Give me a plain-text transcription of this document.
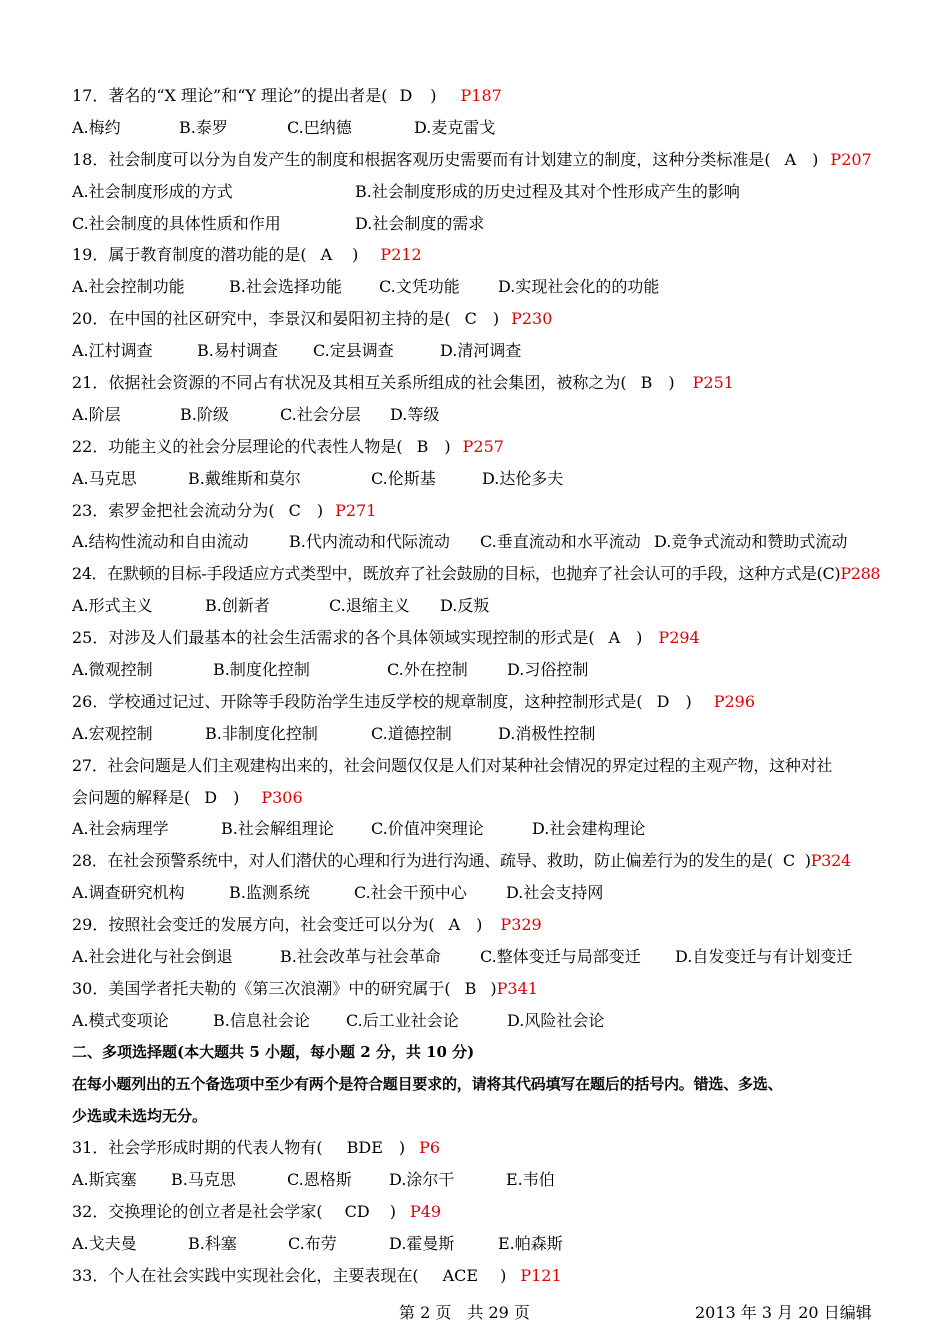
17．著名的“X 理论”和“Y 理论”的提出者是( D ) P187
A.梅约	B.泰罗	C.巴纳德	D.麦克雷戈
18．社会制度可以分为自发产生的制度和根据客观历史需要而有计划建立的制度，这种分类标准是( A ) P207
A.社会制度形成的方式	B.社会制度形成的历史过程及其对个性形成产生的影响
C.社会制度的具体性质和作用	D.社会制度的需求
19．属于教育制度的潜功能的是( A ) P212
A.社会控制功能	B.社会选择功能	C.文凭功能	D.实现社会化的的功能
20．在中国的社区研究中，李景汉和晏阳初主持的是( C ) P230
A.江村调查	B.易村调查	C.定县调查	D.清河调查
21．依据社会资源的不同占有状况及其相互关系所组成的社会集团，被称之为( B ) P251
A.阶层	B.阶级	C.社会分层	D.等级
22．功能主义的社会分层理论的代表性人物是( B ) P257
A.马克思	B.戴维斯和莫尔	C.伦斯基	D.达伦多夫
23．索罗金把社会流动分为( C ) P271
A.结构性流动和自由流动	B.代内流动和代际流动	C.垂直流动和水平流动 D.竞争式流动和赞助式流动
24．在默顿的目标-手段适应方式类型中，既放弃了社会鼓励的目标，也抛弃了社会认可的手段，这种方式是(C)P288
A.形式主义	B.创新者	C.退缩主义	D.反叛
25．对涉及人们最基本的社会生活需求的各个具体领域实现控制的形式是( A ) P294
A.微观控制	B.制度化控制	C.外在控制	D.习俗控制
26．学校通过记过、开除等手段防治学生违反学校的规章制度，这种控制形式是( D ) P296
A.宏观控制	B.非制度化控制	C.道德控制	D.消极性控制
27．社会问题是人们主观建构出来的，社会问题仅仅是人们对某种社会情况的界定过程的主观产物，这种对社
会问题的解释是( D ) P306
A.社会病理学	B.社会解组理论	C.价值冲突理论	D.社会建构理论
28．在社会预警系统中，对人们潜伏的心理和行为进行沟通、疏导、救助，防止偏差行为的发生的是( C )P324
A.调查研究机构	B.监测系统	C.社会干预中心	D.社会支持网
29．按照社会变迁的发展方向，社会变迁可以分为( A ) P329
A.社会进化与社会倒退	B.社会改革与社会革命	C.整体变迁与局部变迁	D.自发变迁与有计划变迁
30．美国学者托夫勒的《第三次浪潮》中的研究属于( B )P341
A.模式变项论	B.信息社会论	C.后工业社会论	D.风险社会论
二、多项选择题(本大题共 5 小题，每小题 2 分，共 10 分)
在每小题列出的五个备选项中至少有两个是符合题目要求的，请将其代码填写在题后的括号内。错选、多选、
少选或未选均无分。
31．社会学形成时期的代表人物有( BDE ) P6
A.斯宾塞	B.马克思	C.恩格斯	D.涂尔干	E.韦伯
32．交换理论的创立者是社会学家( CD ) P49
A.戈夫曼	B.科塞	C.布劳	D.霍曼斯	E.帕森斯
33．个人在社会实践中实现社会化，主要表现在( ACE ) P121
第 2 页　共 29 页	2013 年 3 月 20 日编辑
